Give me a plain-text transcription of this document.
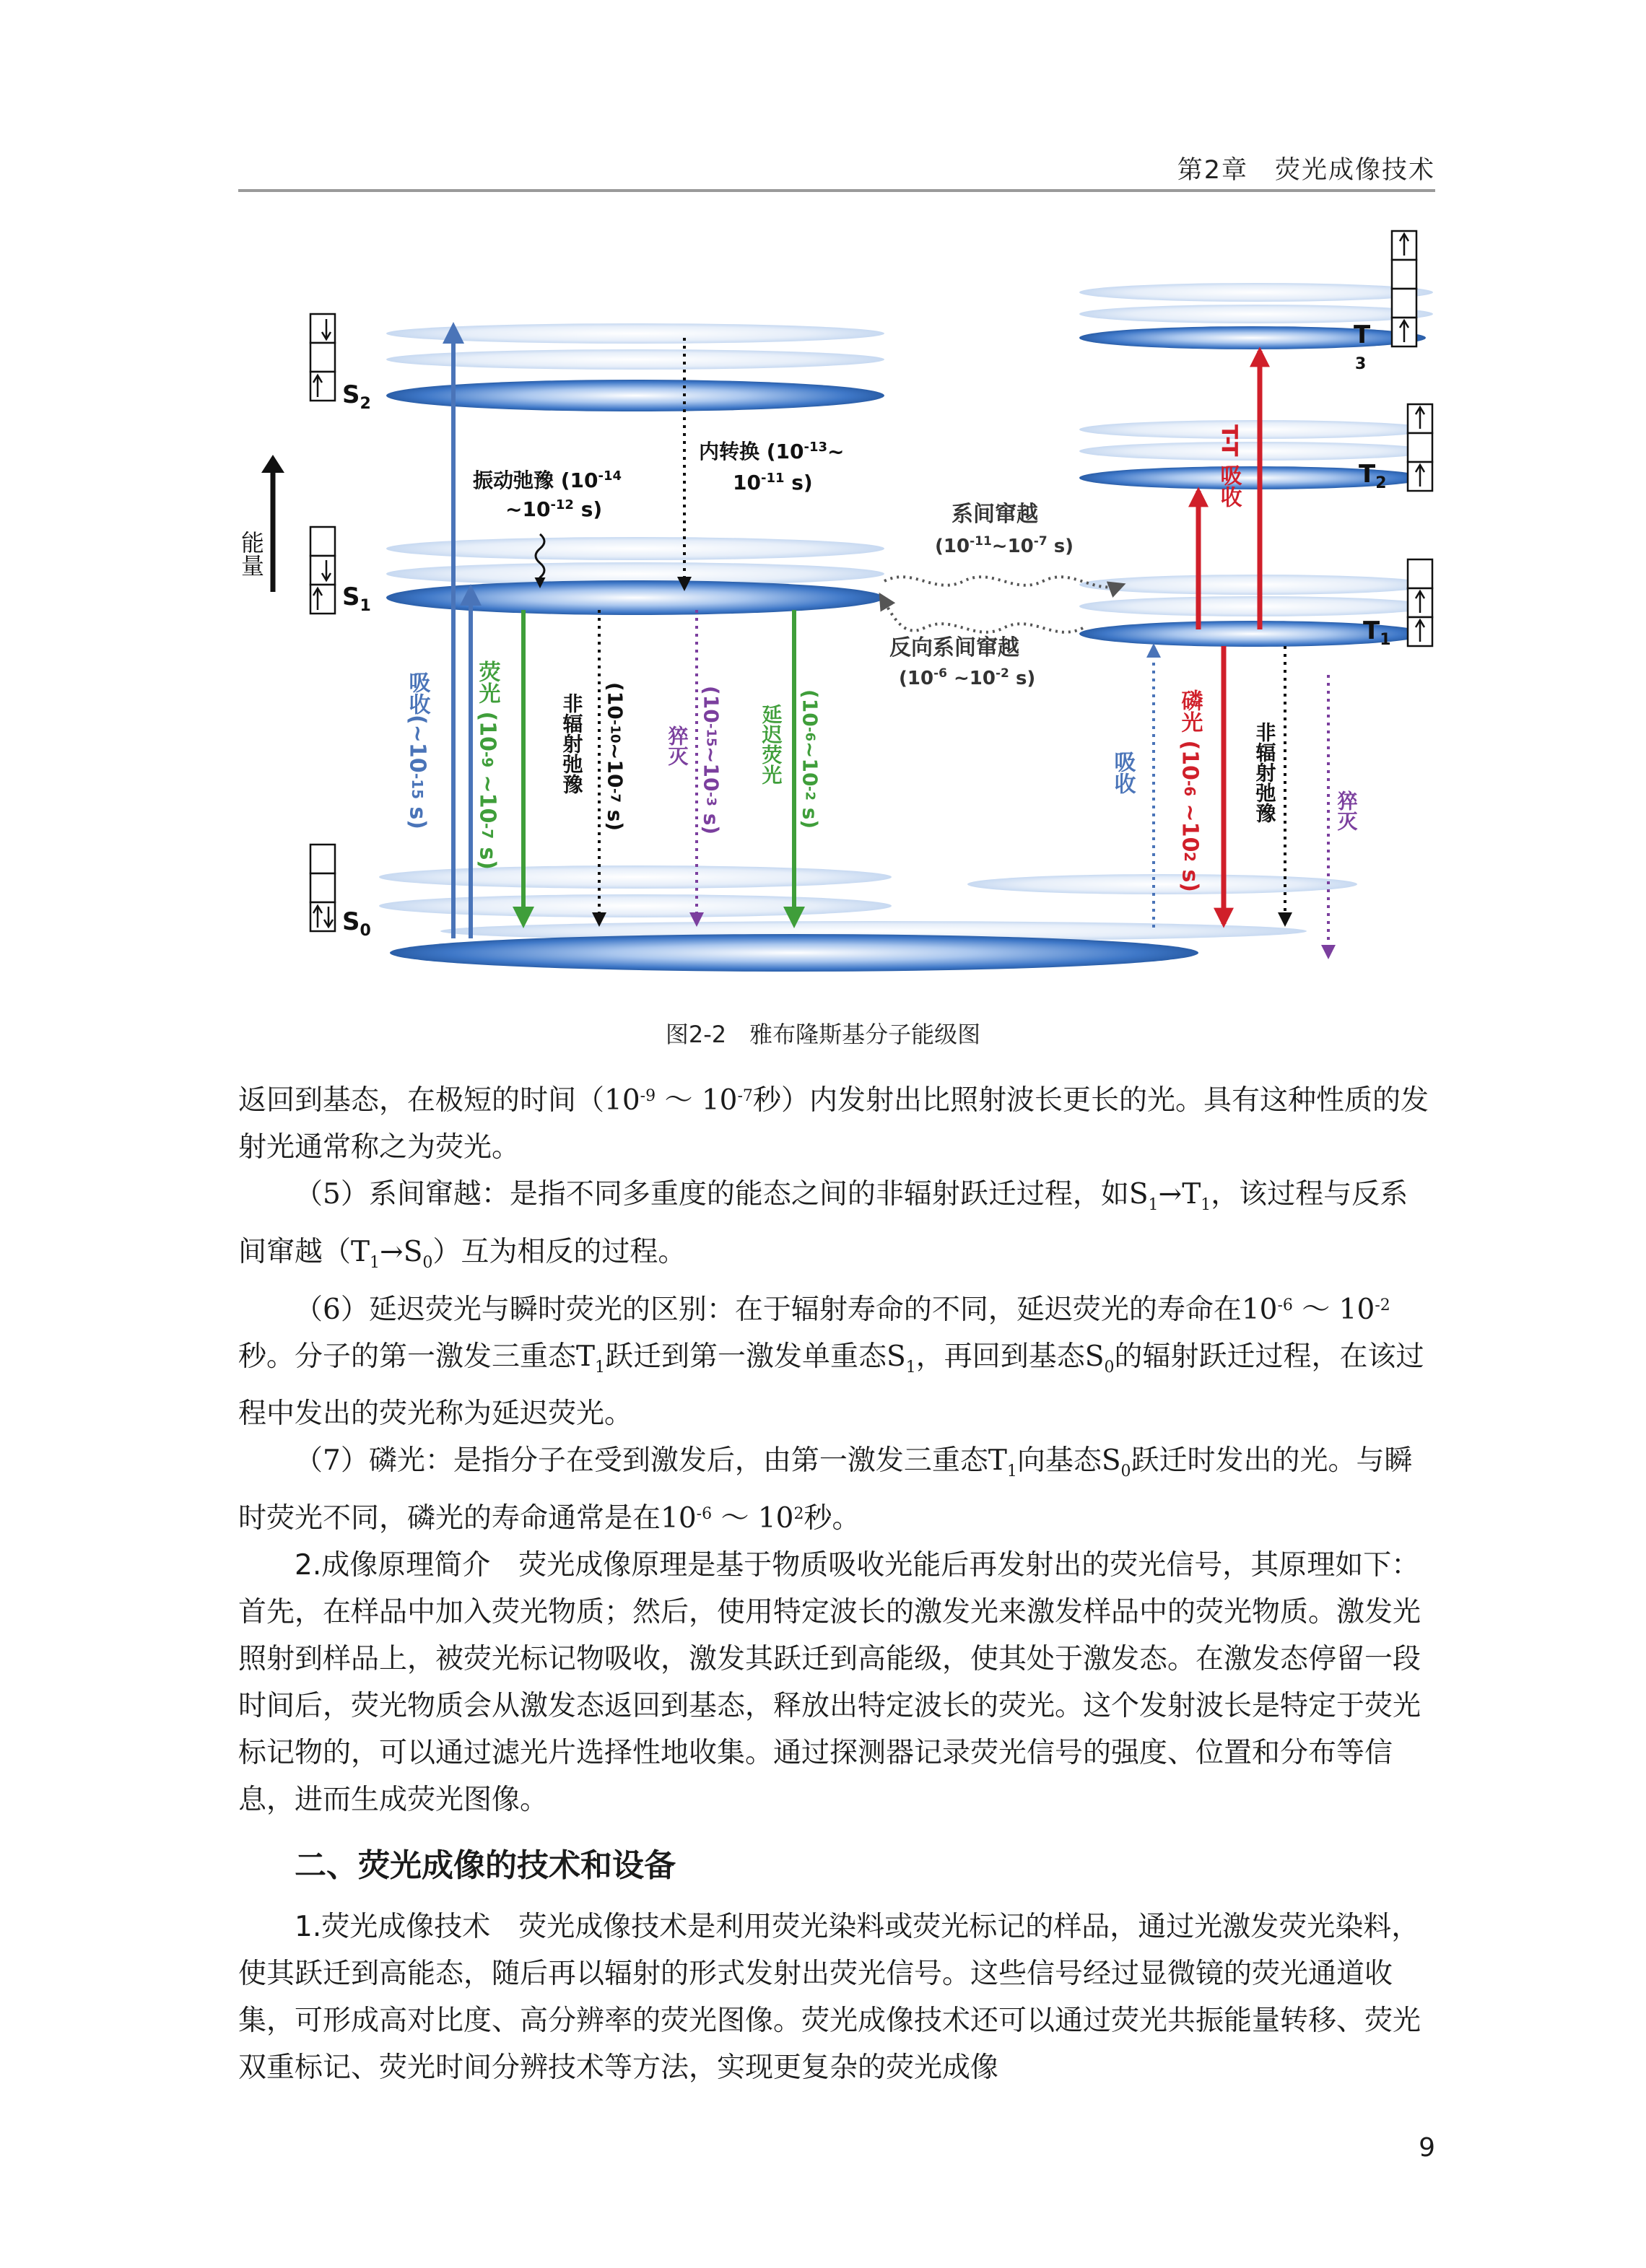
第2章　荧光成像技术
能量
$S_2$
$S_1$
$S_0$
T 3
$T_2$
$T_1$
吸收(~10 -15 s)
振动弛豫 ($10^{-14}$
$\sim 10^{-12}$ s)
内转换 ($10^{-13}\sim$
$10^{-11}$ s)
荧光 (10 -9 ~10 -7 s)
非辐射弛豫 (10 -10 ~10 -7 s)
猝灭
(10 -15 ~10 -3 s)
延迟荧光 (10 -6 ~10 -2 s)
系间窜越
($10^{-11}\sim 10^{-7}$ s)
反向系间窜越
($10^{-6}$ $\sim 10^{-2}$ s)
T-T 吸收
吸收 磷光 (10 -6 ~10 2 s)
非辐射弛豫	猝灭
图2-2　 雅布隆斯基分子能级图

返回到基态，在极短的时间（$10^{-9}$ ～ $10^{-7}$秒）内发射出比照射波长更长的光。具有这种性质的发射光通常称之为荧光。

（5）系间窜越：是指不同多重度的能态之间的非辐射跃迁过程，如$S_1\to T_1$，该过程与反系间窜越$(T_1\to S_0)$互为相反的过程。

（6）延迟荧光与瞬时荧光的区别：在于辐射寿命的不同，延迟荧光的寿命在$10^{-6}$ ～ $10^{-2}$秒。分子的第一激发三重态$T_1$跃迁到第一激发单重态$S_1$，再回到基态$S_0$的辐射跃迁过程，在该过程中发出的荧光称为延迟荧光。

（7）磷光：是指分子在受到激发后，由第一激发三重态$T_1$向基态$S_0$跃迁时发出的光。与瞬时荧光不同，磷光的寿命通常是在$10^{-6}$ ～ $10^2$秒。

2.成像原理简介　荧光成像原理是基于物质吸收光能后再发射出的荧光信号，其原理如下：首先，在样品中加入荧光物质；然后，使用特定波长的激发光来激发样品中的荧光物质。激发光照射到样品上，被荧光标记物吸收，激发其跃迁到高能级，使其处于激发态。在激发态停留一段时间后，荧光物质会从激发态返回到基态，释放出特定波长的荧光。这个发射波长是特定于荧光标记物的，可以通过滤光片选择性地收集。通过探测器记录荧光信号的强度、位置和分布等信息，进而生成荧光图像。

二、荧光成像的技术和设备

1.荧光成像技术　荧光成像技术是利用荧光染料或荧光标记的样品，通过光激发荧光染料，使其跃迁到高能态，随后再以辐射的形式发射出荧光信号。这些信号经过显微镜的荧光通道收集，可形成高对比度、高分辨率的荧光图像。荧光成像技术还可以通过荧光共振能量转移、荧光双重标记、荧光时间分辨技术等方法，实现更复杂的荧光成像

9
